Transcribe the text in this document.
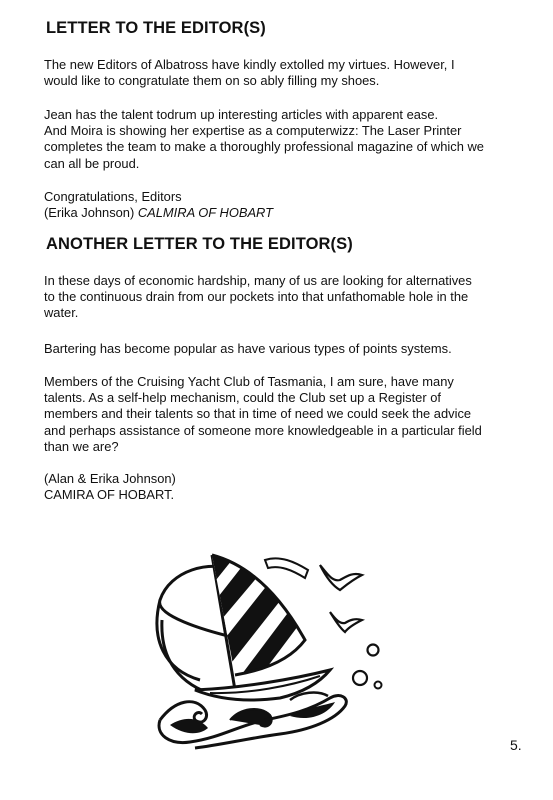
LETTER TO THE EDITOR(S)

The new Editors of Albatross have kindly extolled my virtues. However, I
would like to congratulate them on so ably filling my shoes.

Jean has the talent todrum up interesting articles with apparent ease.
And Moira is showing her expertise as a computerwizz: The Laser Printer
completes the team to make a thoroughly professional magazine of which we
can all be proud.

Congratulations, Editors
(Erika Johnson) CALMIRA OF HOBART

ANOTHER LETTER TO THE EDITOR(S)

In these days of economic hardship, many of us are looking for alternatives
to the continuous drain from our pockets into that unfathomable hole in the
water.

Bartering has become popular as have various types of points systems.

Members of the Cruising Yacht Club of Tasmania, I am sure, have many
talents. As a self-help mechanism, could the Club set up a Register of
members and their talents so that in time of need we could seek the advice
and perhaps assistance of someone more knowledgeable in a particular field
than we are?

(Alan & Erika Johnson)
CAMIRA OF HOBART.

5.
